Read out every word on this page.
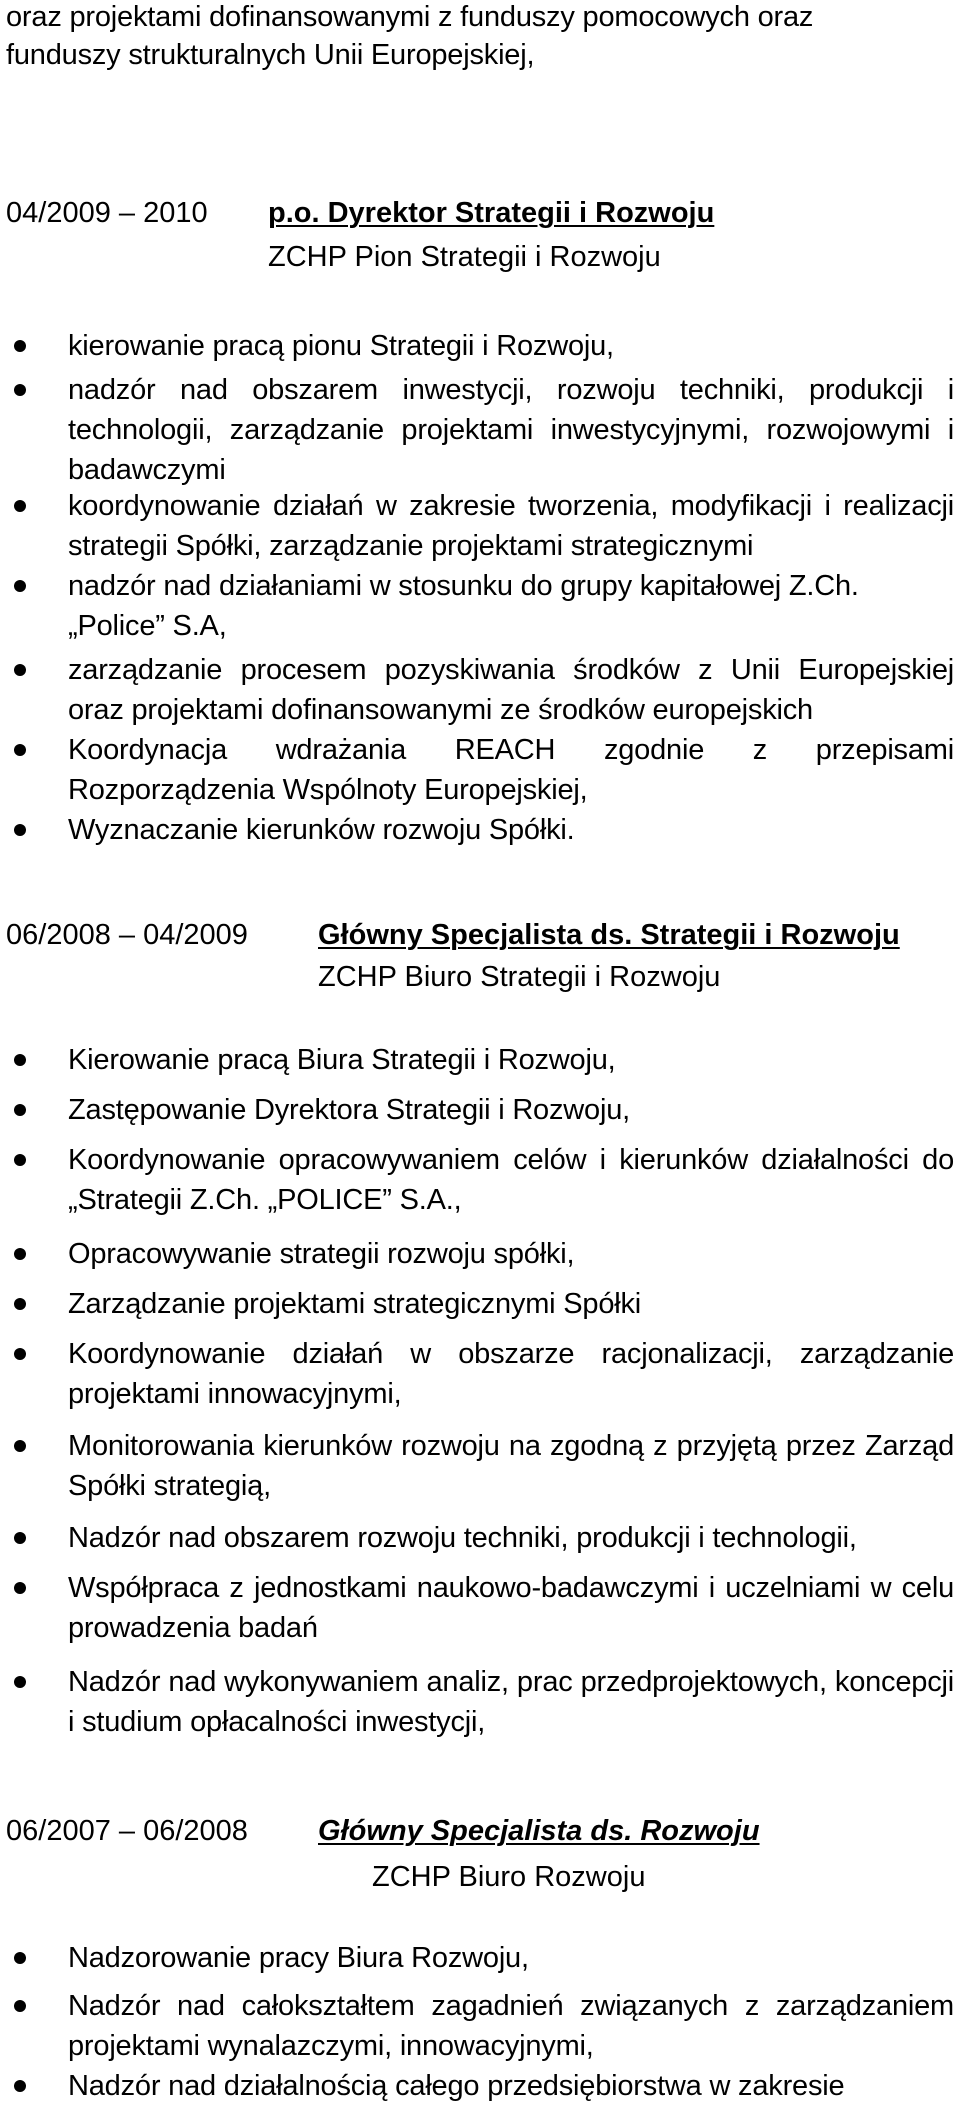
oraz projektami dofinansowanymi z funduszy pomocowych oraz
funduszy strukturalnych Unii Europejskiej,
04/2009 – 2010 p.o. Dyrektor Strategii i Rozwoju
ZCHP Pion Strategii i Rozwoju
kierowanie pracą pionu Strategii i Rozwoju,
nadzór nad obszarem inwestycji, rozwoju techniki, produkcji i technologii, zarządzanie projektami inwestycyjnymi, rozwojowymi i badawczymi
koordynowanie działań w zakresie tworzenia, modyfikacji i realizacji strategii Spółki, zarządzanie projektami strategicznymi
nadzór nad działaniami w stosunku do grupy kapitałowej Z.Ch. „Police” S.A,
zarządzanie procesem pozyskiwania środków z Unii Europejskiej oraz projektami dofinansowanymi ze środków europejskich
Koordynacja wdrażania REACH zgodnie z przepisami Rozporządzenia Wspólnoty Europejskiej,
Wyznaczanie kierunków rozwoju Spółki.
06/2008 – 04/2009 Główny Specjalista ds. Strategii i Rozwoju
ZCHP Biuro Strategii i Rozwoju
Kierowanie pracą Biura Strategii i Rozwoju,
Zastępowanie Dyrektora Strategii i Rozwoju,
Koordynowanie opracowywaniem celów i kierunków działalności do „Strategii Z.Ch. „POLICE” S.A.,
Opracowywanie strategii rozwoju spółki,
Zarządzanie projektami strategicznymi Spółki
Koordynowanie działań w obszarze racjonalizacji, zarządzanie projektami innowacyjnymi,
Monitorowania kierunków rozwoju na zgodną z przyjętą przez Zarząd Spółki strategią,
Nadzór nad obszarem rozwoju techniki, produkcji i technologii,
Współpraca z jednostkami naukowo-badawczymi i uczelniami w celu prowadzenia badań
Nadzór nad wykonywaniem analiz, prac przedprojektowych, koncepcji i studium opłacalności inwestycji,
06/2007 – 06/2008 Główny Specjalista ds. Rozwoju
ZCHP Biuro Rozwoju
Nadzorowanie pracy Biura Rozwoju,
Nadzór nad całokształtem zagadnień związanych z zarządzaniem projektami wynalazczymi, innowacyjnymi,
Nadzór nad działalnością całego przedsiębiorstwa w zakresie
